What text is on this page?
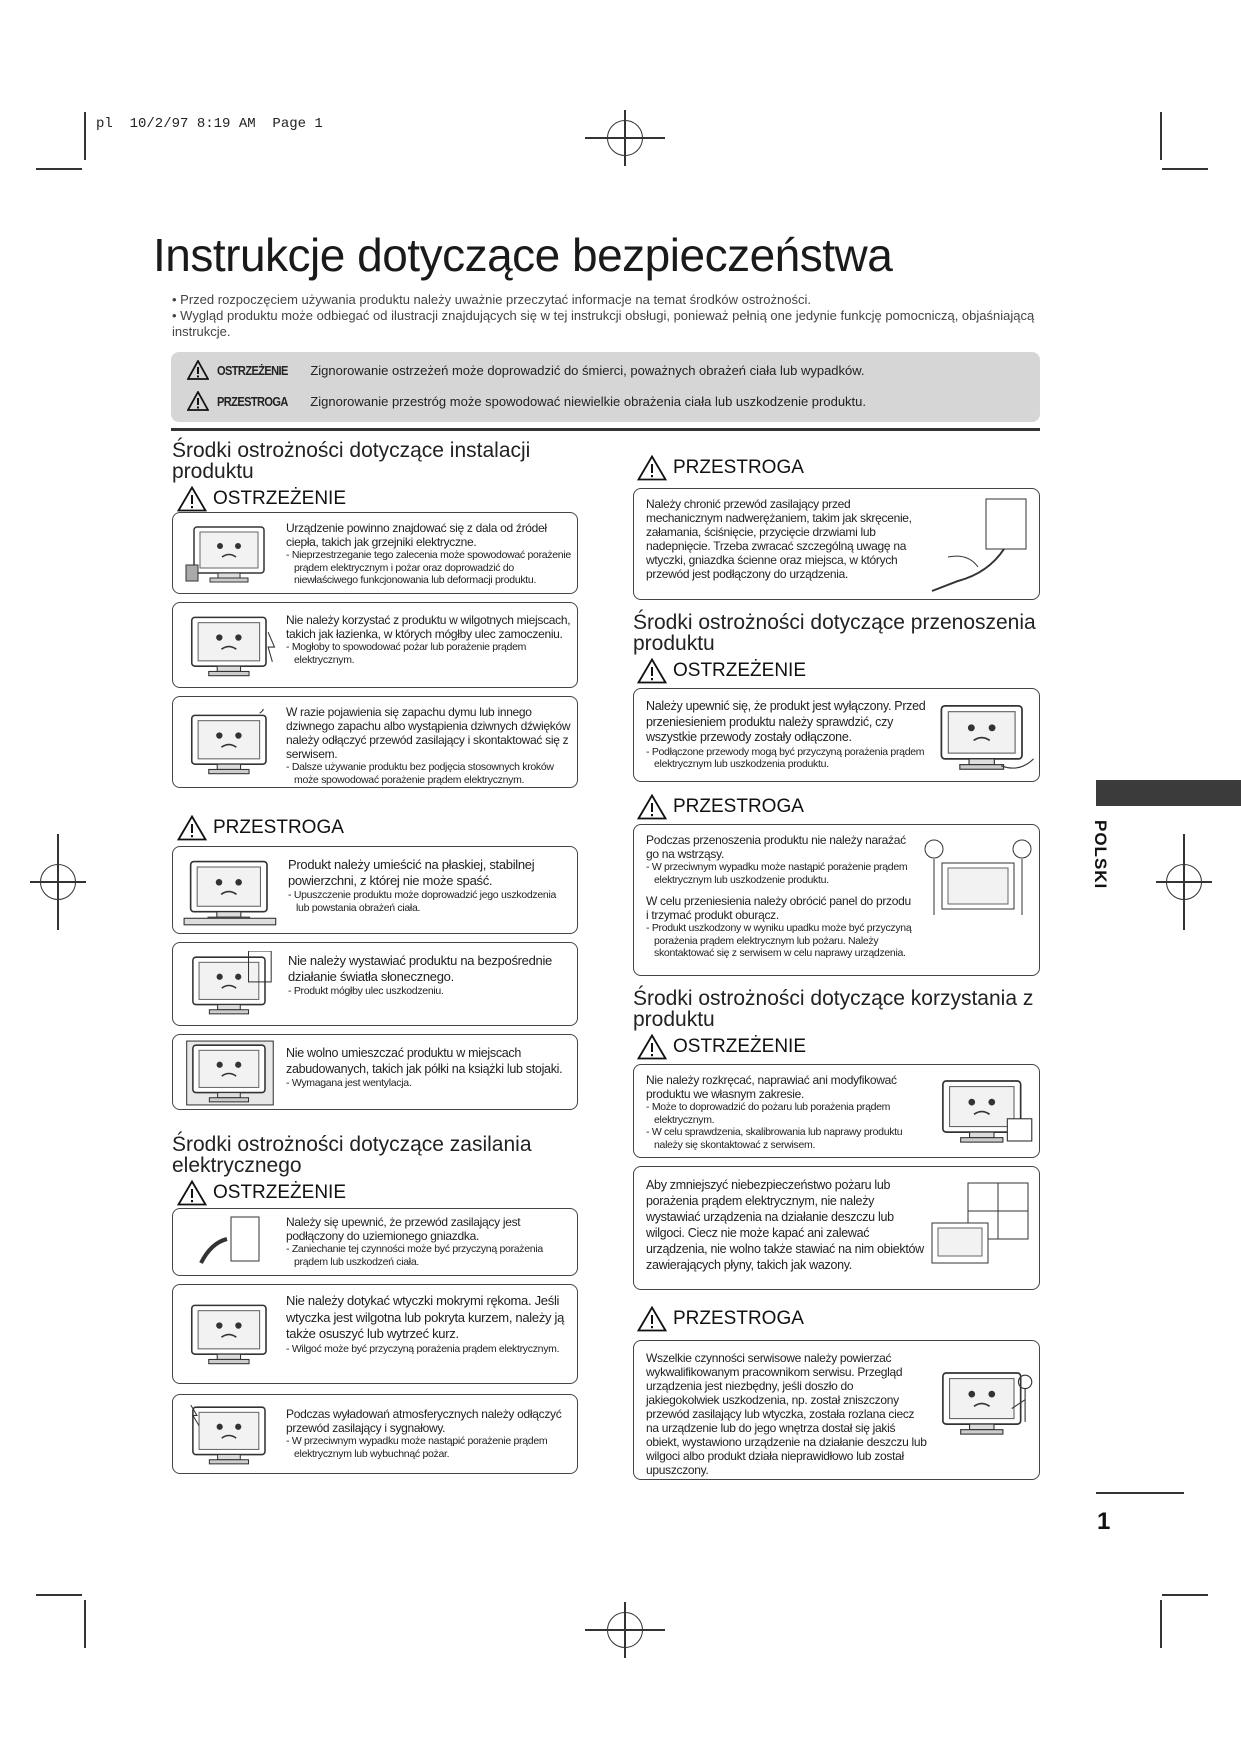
pl  10/2/97 8:19 AM  Page 1
Instrukcje dotyczące bezpieczeństwa

• Przed rozpoczęciem używania produktu należy uważnie przeczytać informacje na temat środków ostrożności.

• Wygląd produktu może odbiegać od ilustracji znajdujących się w tej instrukcji obsługi, ponieważ pełnią one jedynie funkcję pomocniczą, objaśniającą instrukcje.

OSTRZEŻENIE Zignorowanie ostrzeżeń może doprowadzić do śmierci, poważnych obrażeń ciała lub wypadków.
PRZESTROGA Zignorowanie przestróg może spowodować niewielkie obrażenia ciała lub uszkodzenie produktu.
Środki ostrożności dotyczące instalacji produktu
OSTRZEŻENIE

Urządzenie powinno znajdować się z dala od źródeł ciepła, takich jak grzejniki elektryczne.

- Nieprzestrzeganie tego zalecenia może spowodować porażenie prądem elektrycznym i pożar oraz doprowadzić do niewłaściwego funkcjonowania lub deformacji produktu.

Nie należy korzystać z produktu w wilgotnych miejscach, takich jak łazienka, w których mógłby ulec zamoczeniu.

- Mogłoby to spowodować pożar lub porażenie prądem elektrycznym.

W razie pojawienia się zapachu dymu lub innego dziwnego zapachu albo wystąpienia dziwnych dźwięków należy odłączyć przewód zasilający i skontaktować się z serwisem.

- Dalsze używanie produktu bez podjęcia stosownych kroków może spowodować porażenie prądem elektrycznym.

PRZESTROGA

Produkt należy umieścić na płaskiej, stabilnej powierzchni, z której nie może spaść.

- Upuszczenie produktu może doprowadzić jego uszkodzenia lub powstania obrażeń ciała.

Nie należy wystawiać produktu na bezpośrednie działanie światła słonecznego.

- Produkt mógłby ulec uszkodzeniu.

Nie wolno umieszczać produktu w miejscach zabudowanych, takich jak półki na książki lub stojaki.

- Wymagana jest wentylacja.

Środki ostrożności dotyczące zasilania elektrycznego
OSTRZEŻENIE

Należy się upewnić, że przewód zasilający jest podłączony do uziemionego gniazdka.

- Zaniechanie tej czynności może być przyczyną porażenia prądem lub uszkodzeń ciała.

Nie należy dotykać wtyczki mokrymi rękoma. Jeśli wtyczka jest wilgotna lub pokryta kurzem, należy ją także osuszyć lub wytrzeć kurz.

- Wilgoć może być przyczyną porażenia prądem elektrycznym.

Podczas wyładowań atmosferycznych należy odłączyć przewód zasilający i sygnałowy.

- W przeciwnym wypadku może nastąpić porażenie prądem elektrycznym lub wybuchnąć pożar.

PRZESTROGA

Należy chronić przewód zasilający przed mechanicznym nadwerężaniem, takim jak skręcenie, załamania, ściśnięcie, przycięcie drzwiami lub nadepnięcie. Trzeba zwracać szczególną uwagę na wtyczki, gniazdka ścienne oraz miejsca, w których przewód jest podłączony do urządzenia.

Środki ostrożności dotyczące przenoszenia produktu
OSTRZEŻENIE

Należy upewnić się, że produkt jest wyłączony. Przed przeniesieniem produktu należy sprawdzić, czy wszystkie przewody zostały odłączone.

- Podłączone przewody mogą być przyczyną porażenia prądem elektrycznym lub uszkodzenia produktu.

PRZESTROGA

Podczas przenoszenia produktu nie należy narażać go na wstrząsy.

- W przeciwnym wypadku może nastąpić porażenie prądem elektrycznym lub uszkodzenie produktu.

W celu przeniesienia należy obrócić panel do przodu i trzymać produkt oburącz.

- Produkt uszkodzony w wyniku upadku może być przyczyną porażenia prądem elektrycznym lub pożaru. Należy skontaktować się z serwisem w celu naprawy urządzenia.

Środki ostrożności dotyczące korzystania z produktu
OSTRZEŻENIE

Nie należy rozkręcać, naprawiać ani modyfikować produktu we własnym zakresie.

- Może to doprowadzić do pożaru lub porażenia prądem elektrycznym.

- W celu sprawdzenia, skalibrowania lub naprawy produktu należy się skontaktować z serwisem.

Aby zmniejszyć niebezpieczeństwo pożaru lub porażenia prądem elektrycznym, nie należy wystawiać urządzenia na działanie deszczu lub wilgoci. Ciecz nie może kapać ani zalewać urządzenia, nie wolno także stawiać na nim obiektów zawierających płyny, takich jak wazony.

PRZESTROGA

Wszelkie czynności serwisowe należy powierzać wykwalifikowanym pracownikom serwisu. Przegląd urządzenia jest niezbędny, jeśli doszło do jakiegokolwiek uszkodzenia, np. został zniszczony przewód zasilający lub wtyczka, została rozlana ciecz na urządzenie lub do jego wnętrza dostał się jakiś obiekt, wystawiono urządzenie na działanie deszczu lub wilgoci albo produkt działa nieprawidłowo lub został upuszczony.

POLSKI
1
